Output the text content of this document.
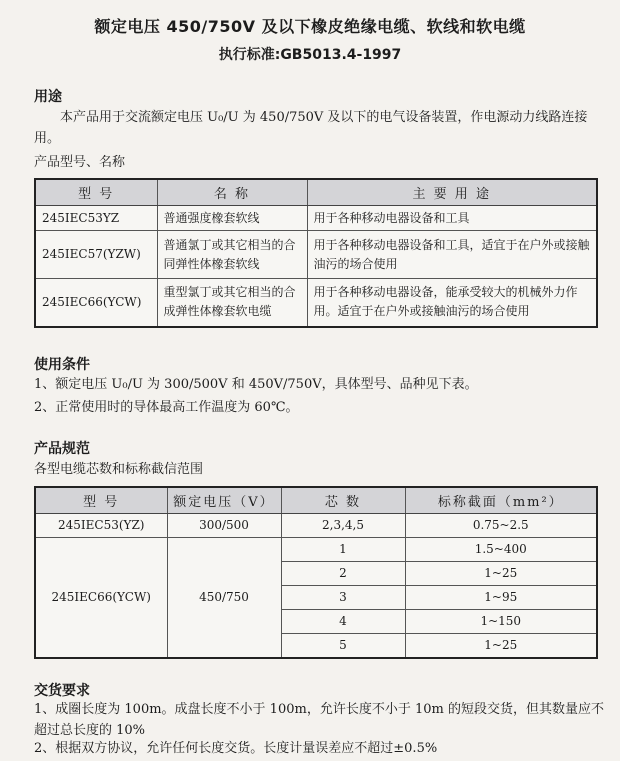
额定电压 450/750V 及以下橡皮绝缘电缆、软线和软电缆
执行标准:GB5013.4-1997
用途
本产品用于交流额定电压 U₀/U 为 450/750V 及以下的电气设备装置，作电源动力线路连接用。
产品型号、名称
型 号	名 称	主 要 用 途
245IEC53YZ	普通强度橡套软线	用于各种移动电器设备和工具
245IEC57(YZW)	普通氯丁或其它相当的合同弹性体橡套软线	用于各种移动电器设备和工具，适宜于在户外或接触油污的场合使用
245IEC66(YCW)	重型氯丁或其它相当的合成弹性体橡套软电缆	用于各种移动电器设备，能承受较大的机械外力作用。适宜于在户外或接触油污的场合使用
使用条件
1、额定电压 U₀/U 为 300/500V 和 450V/750V，具体型号、品种见下表。
2、正常使用时的导体最高工作温度为 60℃。
产品规范
各型电缆芯数和标称截信范围
型 号	额定电压（V）	芯 数	标称截面（mm²）
245IEC53(YZ)	300/500	2,3,4,5	0.75~2.5
245IEC66(YCW)	450/750	1	1.5~400
		2	1~25
		3	1~95
		4	1~150
		5	1~25
交货要求
1、成圈长度为 100m。成盘长度不小于 100m，允许长度不小于 10m 的短段交货，但其数量应不超过总长度的 10%
2、根据双方协议，允许任何长度交货。长度计量误差应不超过±0.5%
